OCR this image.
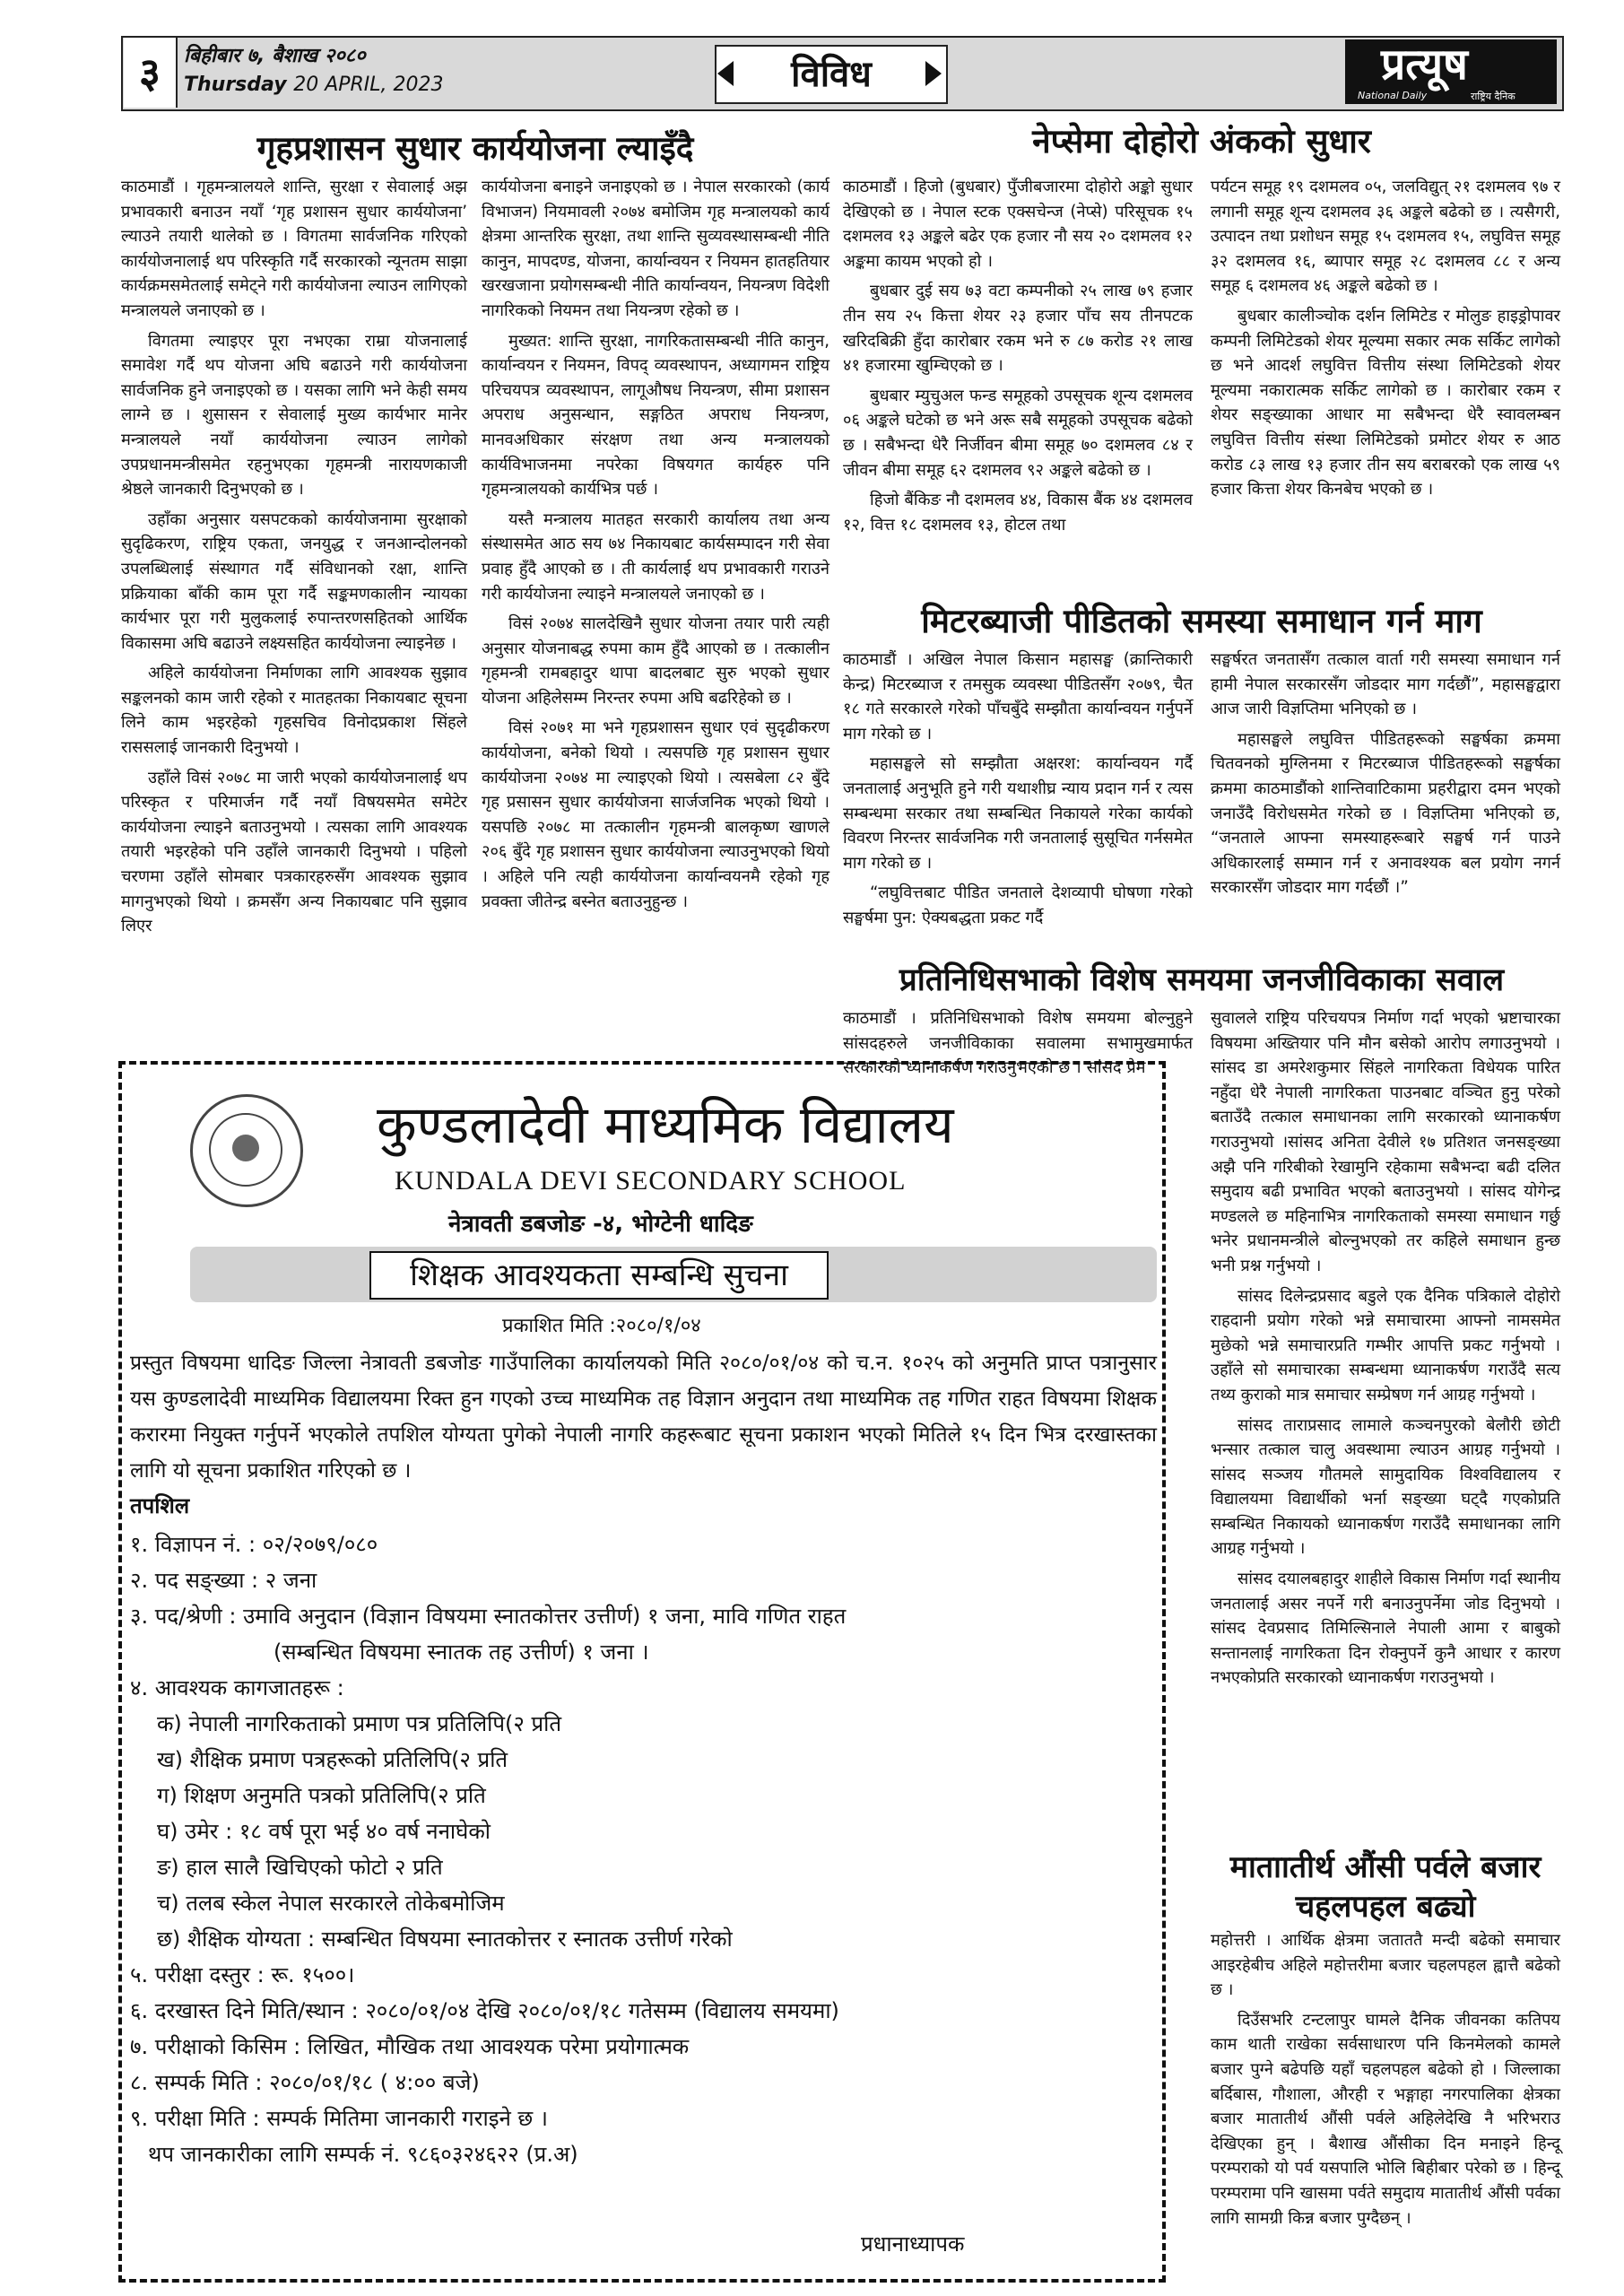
३	बिहीबार ७, बैशाख २०८०
Thursday 20 APRIL, 2023	विविध	प्रत्यूष
National Daily	राष्ट्रिय दैनिक
गृहप्रशासन सुधार कार्ययोजना ल्याइँदै

काठमाडौं । गृहमन्त्रालयले शान्ति, सुरक्षा र सेवालाई अझ प्रभावकारी बनाउन नयाँ ‘गृह प्रशासन सुधार कार्ययोजना’ ल्याउने तयारी थालेको छ । विगतमा सार्वजनिक गरिएको कार्ययोजनालाई थप परिस्कृति गर्दै सरकारको न्यूनतम साझा कार्यक्रमसमेतलाई समेट्ने गरी कार्ययोजना ल्याउन लागिएको मन्त्रालयले जनाएको छ ।

विगतमा ल्याइएर पूरा नभएका राम्रा योजनालाई समावेश गर्दै थप योजना अघि बढाउने गरी कार्ययोजना सार्वजनिक हुने जनाइएको छ । यसका लागि भने केही समय लाग्ने छ । शुसासन र सेवालाई मुख्य कार्यभार मानेर मन्त्रालयले नयाँ कार्ययोजना ल्याउन लागेको उपप्रधानमन्त्रीसमेत रहनुभएका गृहमन्त्री नारायणकाजी श्रेष्ठले जानकारी दिनुभएको छ ।

उहाँका अनुसार यसपटकको कार्ययोजनामा सुरक्षाको सुदृढिकरण, राष्ट्रिय एकता, जनयुद्ध र जनआन्दोलनको उपलब्धिलाई संस्थागत गर्दै संविधानको रक्षा, शान्ति प्रक्रियाका बाँकी काम पूरा गर्दै सङ्कमणकालीन न्यायका कार्यभार पूरा गरी मुलुकलाई रुपान्तरणसहितको आर्थिक विकासमा अघि बढाउने लक्ष्यसहित कार्ययोजना ल्याइनेछ ।

अहिले कार्ययोजना निर्माणका लागि आवश्यक सुझाव सङ्कलनको काम जारी रहेको र मातहतका निकायबाट सूचना लिने काम भइरहेको गृहसचिव विनोदप्रकाश सिंहले राससलाई जानकारी दिनुभयो ।

उहाँले विसं २०७८ मा जारी भएको कार्ययोजनालाई थप परिस्कृत र परिमार्जन गर्दै नयाँ विषयसमेत समेटेर कार्ययोजना ल्याइने बताउनुभयो । त्यसका लागि आवश्यक तयारी भइरहेको पनि उहाँले जानकारी दिनुभयो । पहिलो चरणमा उहाँले सोमबार पत्रकारहरुसँग आवश्यक सुझाव मागनुभएको थियो । क्रमसँग अन्य निकायबाट पनि सुझाव लिएर

कार्ययोजना बनाइने जनाइएको छ । नेपाल सरकारको (कार्य विभाजन) नियमावली २०७४ बमोजिम गृह मन्त्रालयको कार्य क्षेत्रमा आन्तरिक सुरक्षा, तथा शान्ति सुव्यवस्थासम्बन्धी नीति कानुन, मापदण्ड, योजना, कार्यान्वयन र नियमन हातहतियार खरखजाना प्रयोगसम्बन्धी नीति कार्यान्वयन, नियन्त्रण विदेशी नागरिकको नियमन तथा नियन्त्रण रहेको छ ।

मुख्यत: शान्ति सुरक्षा, नागरिकतासम्बन्धी नीति कानुन, कार्यान्वयन र नियमन, विपद् व्यवस्थापन, अध्यागमन राष्ट्रिय परिचयपत्र व्यवस्थापन, लागूऔषध नियन्त्रण, सीमा प्रशासन अपराध अनुसन्धान, सङ्गठित अपराध नियन्त्रण, मानवअधिकार संरक्षण तथा अन्य मन्त्रालयको कार्यविभाजनमा नपरेका विषयगत कार्यहरु पनि गृहमन्त्रालयको कार्यभित्र पर्छ ।

यस्तै मन्त्रालय मातहत सरकारी कार्यालय तथा अन्य संस्थासमेत आठ सय ७४ निकायबाट कार्यसम्पादन गरी सेवा प्रवाह हुँदै आएको छ । ती कार्यलाई थप प्रभावकारी गराउने गरी कार्ययोजना ल्याइने मन्त्रालयले जनाएको छ ।

विसं २०७४ सालदेखिनै सुधार योजना तयार पारी त्यही अनुसार योजनाबद्ध रुपमा काम हुँदै आएको छ । तत्कालीन गृहमन्त्री रामबहादुर थापा बादलबाट सुरु भएको सुधार योजना अहिलेसम्म निरन्तर रुपमा अघि बढरिहेको छ ।

विसं २०७१ मा भने गृहप्रशासन सुधार एवं सुदृढीकरण कार्ययोजना, बनेको थियो । त्यसपछि गृह प्रशासन सुधार कार्ययोजना २०७४ मा ल्याइएको थियो । त्यसबेला ८२ बुँदे गृह प्रसासन सुधार कार्ययोजना सार्जजनिक भएको थियो । यसपछि २०७८ मा तत्कालीन गृहमन्त्री बालकृष्ण खाणले २०६ बुँदे गृह प्रशासन सुधार कार्ययोजना ल्याउनुभएको थियो । अहिले पनि त्यही कार्ययोजना कार्यान्वयनमै रहेको गृह प्रवक्ता जीतेन्द्र बस्नेत बताउनुहुन्छ ।

नेप्सेमा दोहोरो अंकको सुधार

काठमाडौं । हिजो (बुधबार) पुँजीबजारमा दोहोरो अङ्को सुधार देखिएको छ । नेपाल स्टक एक्सचेन्ज (नेप्से) परिसूचक १५ दशमलव १३ अङ्कले बढेर एक हजार नौ सय २० दशमलव १२ अङ्कमा कायम भएको हो ।

बुधबार दुई सय ७३ वटा कम्पनीको २५ लाख ७९ हजार तीन सय २५ कित्ता शेयर २३ हजार पाँच सय तीनपटक खरिदबिक्री हुँदा कारोबार रकम भने रु ८७ करोड २१ लाख ४१ हजारमा खुम्चिएको छ ।

बुधबार म्युचुअल फन्ड समूहको उपसूचक शून्य दशमलव ०६ अङ्कले घटेको छ भने अरू सबै समूहको उपसूचक बढेको छ । सबैभन्दा धेरै निर्जीवन बीमा समूह ७० दशमलव ८४ र जीवन बीमा समूह ६२ दशमलव ९२ अङ्कले बढेको छ ।

हिजो बैंकिङ नौ दशमलव ४४, विकास बैंक ४४ दशमलव १२, वित्त १८ दशमलव १३, होटल तथा

पर्यटन समूह १९ दशमलव ०५, जलविद्युत् २१ दशमलव ९७ र लगानी समूह शून्य दशमलव ३६ अङ्कले बढेको छ । त्यसैगरी, उत्पादन तथा प्रशोधन समूह १५ दशमलव १५, लघुवित्त समूह ३२ दशमलव १६, ब्यापार समूह २८ दशमलव ८८ र अन्य समूह ६ दशमलव ४६ अङ्कले बढेको छ ।

बुधबार कालीञ्चोक दर्शन लिमिटेड र मोलुङ हाइड्रोपावर कम्पनी लिमिटेडको शेयर मूल्यमा सकार त्मक सर्किट लागेको छ भने आदर्श लघुवित्त वित्तीय संस्था लिमिटेडको शेयर मूल्यमा नकारात्मक सर्किट लागेको छ । कारोबार रकम र शेयर सङ्ख्याका आधार मा सबैभन्दा धेरै स्वावलम्बन लघुवित्त वित्तीय संस्था लिमिटेडको प्रमोटर शेयर रु आठ करोड ८३ लाख १३ हजार तीन सय बराबरको एक लाख ५९ हजार कित्ता शेयर किनबेच भएको छ ।

मिटरब्याजी पीडितको समस्या समाधान गर्न माग

काठमाडौं । अखिल नेपाल किसान महासङ्घ (क्रान्तिकारी केन्द्र) मिटरब्याज र तमसुक व्यवस्था पीडितसँग २०७९, चैत १८ गते सरकारले गरेको पाँचबुँदे सम्झौता कार्यान्वयन गर्नुपर्ने माग गरेको छ ।

महासङ्घले सो सम्झौता अक्षरश: कार्यान्वयन गर्दै जनतालाई अनुभूति हुने गरी यथाशीघ्र न्याय प्रदान गर्न र त्यस सम्बन्धमा सरकार तथा सम्बन्धित निकायले गरेका कार्यको विवरण निरन्तर सार्वजनिक गरी जनतालाई सुसूचित गर्नसमेत माग गरेको छ ।

“लघुवित्तबाट पीडित जनताले देशव्यापी घोषणा गरेको सङ्घर्षमा पुन: ऐक्यबद्धता प्रकट गर्दै

सङ्घर्षरत जनतासँग तत्काल वार्ता गरी समस्या समाधान गर्न हामी नेपाल सरकारसँग जोडदार माग गर्दछौं”, महासङ्घद्वारा आज जारी विज्ञप्तिमा भनिएको छ ।

महासङ्घले लघुवित्त पीडितहरूको सङ्घर्षका क्रममा चितवनको मुग्लिनमा र मिटरब्याज पीडितहरूको सङ्घर्षका क्रममा काठमाडौंको शान्तिवाटिकामा प्रहरीद्वारा दमन भएको जनाउँदै विरोधसमेत गरेको छ । विज्ञप्तिमा भनिएको छ, “जनताले आफ्ना समस्याहरूबारे सङ्घर्ष गर्न पाउने अधिकारलाई सम्मान गर्न र अनावश्यक बल प्रयोग नगर्न सरकारसँग जोडदार माग गर्दछौं ।”

प्रतिनिधिसभाको विशेष समयमा जनजीविकाका सवाल

काठमाडौं । प्रतिनिधिसभाको विशेष समयमा बोल्नुहुने सांसदहरुले जनजीविकाका सवालमा सभामुखमार्फत सरकारको ध्यानाकर्षण गराउनुभएको छ । सांसद प्रेम

सुवालले राष्ट्रिय परिचयपत्र निर्माण गर्दा भएको भ्रष्टाचारका विषयमा अख्तियार पनि मौन बसेको आरोप लगाउनुभयो । सांसद डा अमरेशकुमार सिंहले नागरिकता विधेयक पारित नहुँदा धेरै नेपाली नागरिकता पाउनबाट वञ्चित हुनु परेको बताउँदै तत्काल समाधानका लागि सरकारको ध्यानाकर्षण गराउनुभयो ।सांसद अनिता देवीले १७ प्रतिशत जनसङ्ख्या अझै पनि गरिबीको रेखामुनि रहेकामा सबैभन्दा बढी दलित समुदाय बढी प्रभावित भएको बताउनुभयो । सांसद योगेन्द्र मण्डलले छ महिनाभित्र नागरिकताको समस्या समाधान गर्छु भनेर प्रधानमन्त्रीले बोल्नुभएको तर कहिले समाधान हुन्छ भनी प्रश्न गर्नुभयो ।

सांसद दिलेन्द्रप्रसाद बडुले एक दैनिक पत्रिकाले दोहोरो राहदानी प्रयोग गरेको भन्ने समाचारमा आफ्नो नामसमेत मुछेको भन्ने समाचारप्रति गम्भीर आपत्ति प्रकट गर्नुभयो । उहाँले सो समाचारका सम्बन्धमा ध्यानाकर्षण गराउँदै सत्य तथ्य कुराको मात्र समाचार सम्प्रेषण गर्न आग्रह गर्नुभयो ।

सांसद ताराप्रसाद लामाले कञ्चनपुरको बेलौरी छोटी भन्सार तत्काल चालु अवस्थामा ल्याउन आग्रह गर्नुभयो । सांसद सञ्जय गौतमले सामुदायिक विश्वविद्यालय र विद्यालयमा विद्यार्थीको भर्ना सङ्ख्या घट्दै गएकोप्रति सम्बन्धित निकायको ध्यानाकर्षण गराउँदै समाधानका लागि आग्रह गर्नुभयो ।

सांसद दयालबहादुर शाहीले विकास निर्माण गर्दा स्थानीय जनतालाई असर नपर्ने गरी बनाउनुपर्नेमा जोड दिनुभयो । सांसद देवप्रसाद तिमिल्सिनाले नेपाली आमा र बाबुको सन्तानलाई नागरिकता दिन रोक्नुपर्ने कुनै आधार र कारण नभएकोप्रति सरकारको ध्यानाकर्षण गराउनुभयो ।

माताातीर्थ औंसी पर्वले बजार
चहलपहल बढ्यो

महोत्तरी । आर्थिक क्षेत्रमा जताततै मन्दी बढेको समाचार आइरहेबीच अहिले महोत्तरीमा बजार चहलपहल ह्वात्तै बढेको छ ।

दिउँसभरि टन्टलापुर घामले दैनिक जीवनका कतिपय काम थाती राखेका सर्वसाधारण पनि किनमेलको कामले बजार पुग्ने बढेपछि यहाँ चहलपहल बढेको हो । जिल्लाका बर्दिबास, गौशाला, औरही र भङ्गाहा नगरपालिका क्षेत्रका बजार मातातीर्थ औंसी पर्वले अहिलेदेखि नै भरिभराउ देखिएका हुन् । बैशाख औंसीका दिन मनाइने हिन्दू परम्पराको यो पर्व यसपालि भोलि बिहीबार परेको छ । हिन्दू परम्परामा पनि खासमा पर्वते समुदाय मातातीर्थ औंसी पर्वका लागि सामग्री किन्न बजार पुग्दैछन् ।

कुण्डलादेवी माध्यमिक विद्यालय
KUNDALA DEVI SECONDARY SCHOOL
नेत्रावती डबजोङ -४, भोग्टेनी धादिङ
शिक्षक आवश्यकता सम्बन्धि सुचना
प्रकाशित मिति :२०८०/१/०४
प्रस्तुत विषयमा धादिङ जिल्ला नेत्रावती डबजोङ गाउँपालिका कार्यालयको मिति २०८०/०१/०४ को च.न. १०२५ को अनुमति प्राप्त पत्रानुसार यस कुण्डलादेवी माध्यमिक विद्यालयमा रिक्त हुन गएको उच्च माध्यमिक तह विज्ञान अनुदान तथा माध्यमिक तह गणित राहत विषयमा शिक्षक करारमा नियुक्त गर्नुपर्ने भएकोले तपशिल योग्यता पुगेको नेपाली नागरि कहरूबाट सूचना प्रकाशन भएको मितिले १५ दिन भित्र दरखास्तका लागि यो सूचना प्रकाशित गरिएको छ ।
तपशिल
१. विज्ञापन नं. : ०२/२०७९/०८०
२. पद सङ्ख्या : २ जना
३. पद/श्रेणी : उमावि अनुदान (विज्ञान विषयमा स्नातकोत्तर उत्तीर्ण) १ जना, मावि गणित राहत
(सम्बन्धित विषयमा स्नातक तह उत्तीर्ण) १ जना ।
४. आवश्यक कागजातहरू :
क) नेपाली नागरिकताको प्रमाण पत्र प्रतिलिपि(२ प्रति
ख) शैक्षिक प्रमाण पत्रहरूको प्रतिलिपि(२ प्रति
ग) शिक्षण अनुमति पत्रको प्रतिलिपि(२ प्रति
घ) उमेर : १८ वर्ष पूरा भई ४० वर्ष ननाघेको
ङ) हाल सालै खिचिएको फोटो २ प्रति
च) तलब स्केल नेपाल सरकारले तोकेबमोजिम
छ) शैक्षिक योग्यता : सम्बन्धित विषयमा स्नातकोत्तर र स्नातक उत्तीर्ण गरेको
५. परीक्षा दस्तुर : रू. १५००।
६. दरखास्त दिने मिति/स्थान : २०८०/०१/०४ देखि २०८०/०१/१८ गतेसम्म (विद्यालय समयमा)
७. परीक्षाको किसिम : लिखित, मौखिक तथा आवश्यक परेमा प्रयोगात्मक
८. सम्पर्क मिति : २०८०/०१/१८ ( ४:०० बजे)
९. परीक्षा मिति : सम्पर्क मितिमा जानकारी गराइने छ ।
थप जानकारीका लागि सम्पर्क नं. ९८६०३२४६२२ (प्र.अ)
प्रधानाध्यापक
